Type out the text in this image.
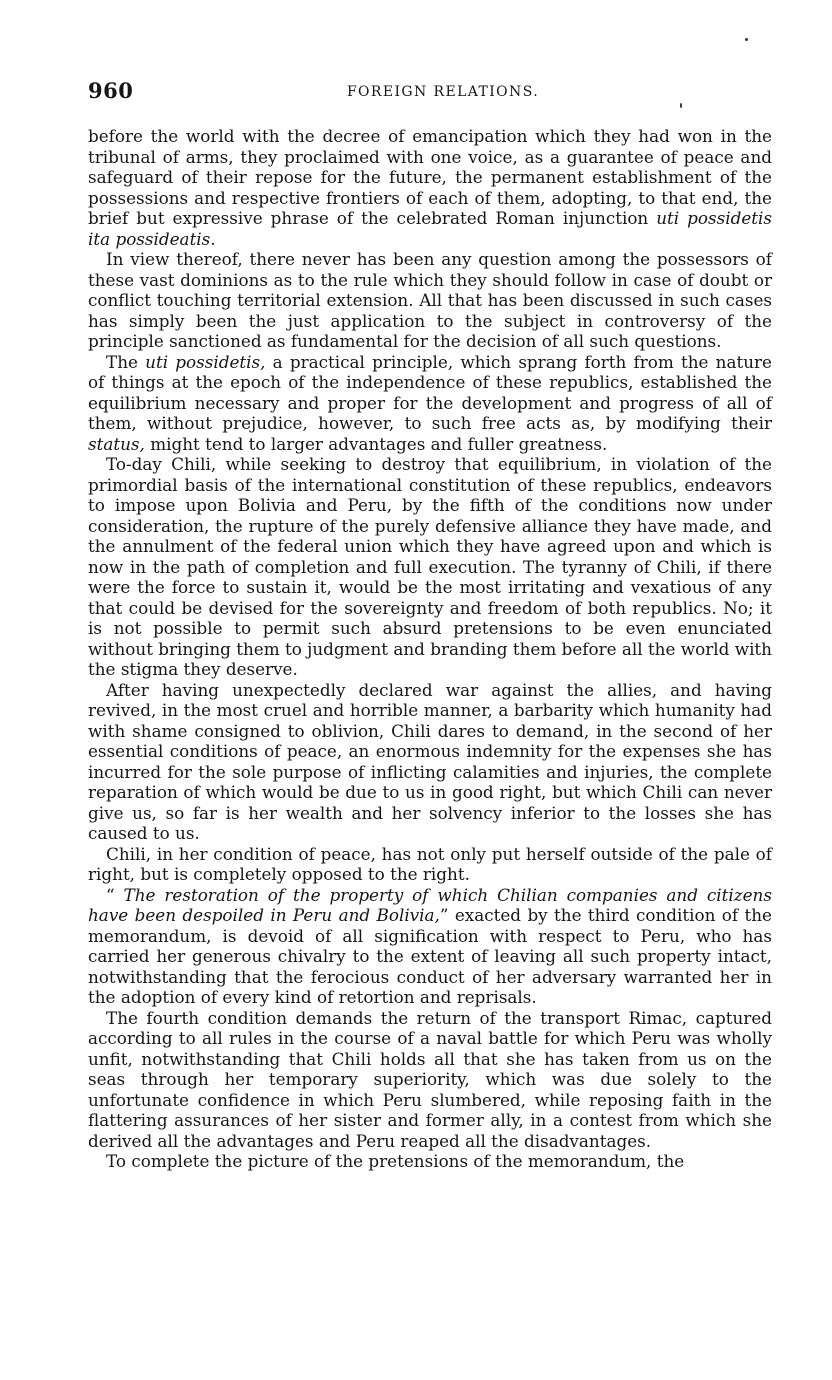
960	FOREIGN RELATIONS.

before the world with the decree of emancipation which they had won in the tribunal of arms, they proclaimed with one voice, as a guarantee of peace and safeguard of their repose for the future, the permanent establishment of the possessions and respective frontiers of each of them, adopting, to that end, the brief but expressive phrase of the celebrated Roman injunction uti possidetis ita possideatis.

In view thereof, there never has been any question among the possessors of these vast dominions as to the rule which they should follow in case of doubt or conflict touching territorial extension. All that has been discussed in such cases has simply been the just application to the subject in controversy of the principle sanctioned as fundamental for the decision of all such questions.

The uti possidetis, a practical principle, which sprang forth from the nature of things at the epoch of the independence of these republics, established the equilibrium necessary and proper for the development and progress of all of them, without prejudice, however, to such free acts as, by modifying their status, might tend to larger advantages and fuller greatness.

To-day Chili, while seeking to destroy that equilibrium, in violation of the primordial basis of the international constitution of these republics, endeavors to impose upon Bolivia and Peru, by the fifth of the conditions now under consideration, the rupture of the purely defensive alliance they have made, and the annulment of the federal union which they have agreed upon and which is now in the path of completion and full execution. The tyranny of Chili, if there were the force to sustain it, would be the most irritating and vexatious of any that could be devised for the sovereignty and freedom of both republics. No; it is not possible to permit such absurd pretensions to be even enunciated without bringing them to judgment and branding them before all the world with the stigma they deserve.

After having unexpectedly declared war against the allies, and having revived, in the most cruel and horrible manner, a barbarity which humanity had with shame consigned to oblivion, Chili dares to demand, in the second of her essential conditions of peace, an enormous indemnity for the expenses she has incurred for the sole purpose of inflicting calamities and injuries, the complete reparation of which would be due to us in good right, but which Chili can never give us, so far is her wealth and her solvency inferior to the losses she has caused to us.

Chili, in her condition of peace, has not only put herself outside of the pale of right, but is completely opposed to the right.

“ The restoration of the property of which Chilian companies and citizens have been despoiled in Peru and Bolivia,” exacted by the third condition of the memorandum, is devoid of all signification with respect to Peru, who has carried her generous chivalry to the extent of leaving all such property intact, notwithstanding that the ferocious conduct of her adversary warranted her in the adoption of every kind of retortion and reprisals.

The fourth condition demands the return of the transport Rimac, captured according to all rules in the course of a naval battle for which Peru was wholly unfit, notwithstanding that Chili holds all that she has taken from us on the seas through her temporary superiority, which was due solely to the unfortunate confidence in which Peru slumbered, while reposing faith in the flattering assurances of her sister and former ally, in a contest from which she derived all the advantages and Peru reaped all the disadvantages.

To complete the picture of the pretensions of the memorandum, the
